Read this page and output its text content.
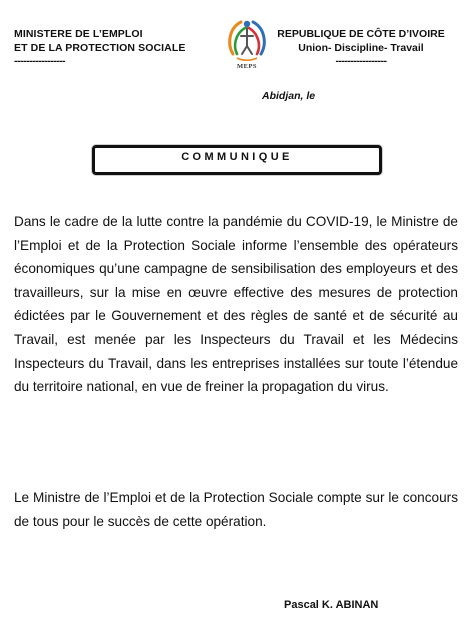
MINISTERE DE L’EMPLOI
ET DE LA PROTECTION SOCIALE
-----------------	MEPS
REPUBLIQUE DE CÔTE D’IVOIRE
Union- Discipline- Travail
-----------------
Abidjan, le
COMMUNIQUE

Dans le cadre de la lutte contre la pandémie du COVID-19, le Ministre de l’Emploi et de la Protection Sociale informe l’ensemble des opérateurs économiques qu’une campagne de sensibilisation des employeurs et des travailleurs, sur la mise en œuvre effective des mesures de protection édictées par le Gouvernement et des règles de santé et de sécurité au Travail, est menée par les Inspecteurs du Travail et les Médecins Inspecteurs du Travail, dans les entreprises installées sur toute l’étendue du territoire national, en vue de freiner la propagation du virus.

Le Ministre de l’Emploi et de la Protection Sociale compte sur le concours de tous pour le succès de cette opération.

Pascal K. ABINAN
